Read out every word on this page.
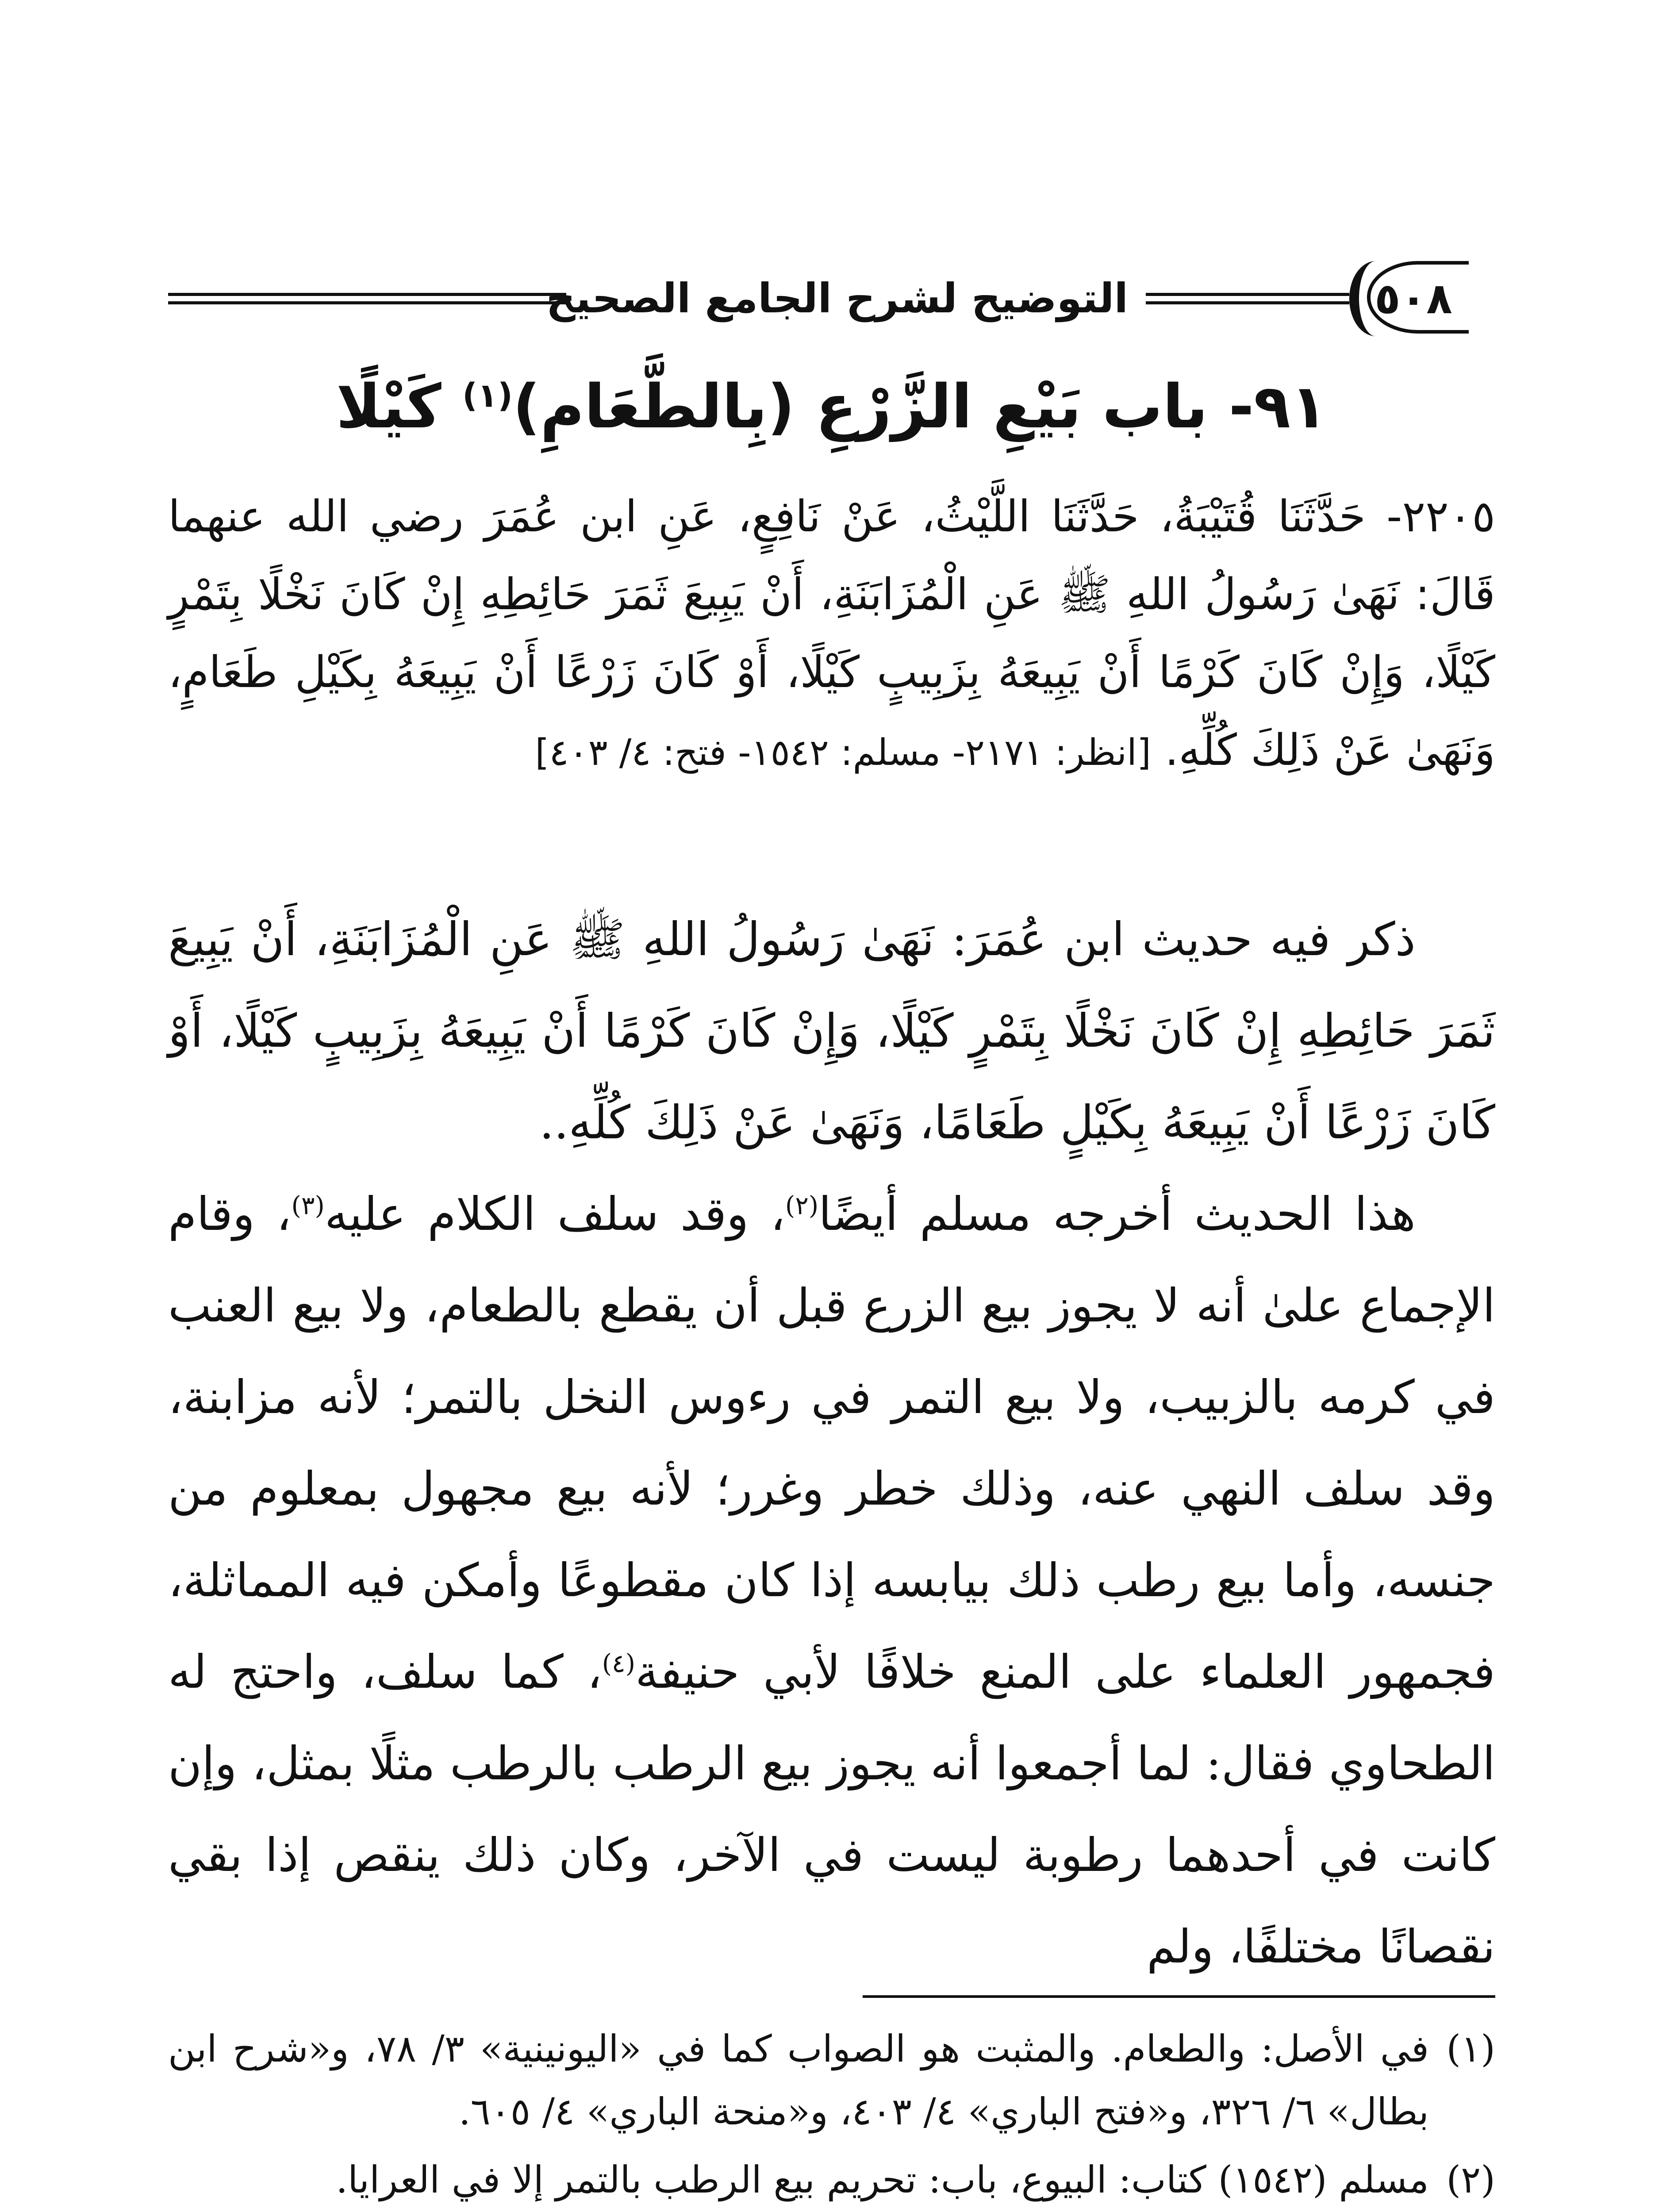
٥٠٨
التوضيح لشرح الجامع الصحيح
٩١- باب بَيْعِ الزَّرْعِ (بِالطَّعَامِ)$^{(١)}$ كَيْلًا
٢٢٠٥- حَدَّثَنَا قُتَيْبَةُ، حَدَّثَنَا اللَّيْثُ، عَنْ نَافِعٍ، عَنِ ابن عُمَرَ رضي الله عنهما قَالَ: نَهَىٰ رَسُولُ اللهِ ﷺ عَنِ الْمُزَابَنَةِ، أَنْ يَبِيعَ ثَمَرَ حَائِطِهِ إِنْ كَانَ نَخْلًا بِتَمْرٍ كَيْلًا، وَإِنْ كَانَ كَرْمًا أَنْ يَبِيعَهُ بِزَبِيبٍ كَيْلًا، أَوْ كَانَ زَرْعًا أَنْ يَبِيعَهُ بِكَيْلِ طَعَامٍ، وَنَهَىٰ عَنْ ذَلِكَ كُلِّهِ. [انظر: ٢١٧١- مسلم: ١٥٤٢- فتح: ٤/ ٤٠٣]

ذكر فيه حديث ابن عُمَرَ: نَهَىٰ رَسُولُ اللهِ ﷺ عَنِ الْمُزَابَنَةِ، أَنْ يَبِيعَ ثَمَرَ حَائِطِهِ إِنْ كَانَ نَخْلًا بِتَمْرٍ كَيْلًا، وَإِنْ كَانَ كَرْمًا أَنْ يَبِيعَهُ بِزَبِيبٍ كَيْلًا، أَوْ كَانَ زَرْعًا أَنْ يَبِيعَهُ بِكَيْلٍ طَعَامًا، وَنَهَىٰ عَنْ ذَلِكَ كُلِّهِ..

هذا الحديث أخرجه مسلم أيضًا$^{(٢)}$، وقد سلف الكلام عليه$^{(٣)}$، وقام الإجماع علىٰ أنه لا يجوز بيع الزرع قبل أن يقطع بالطعام، ولا بيع العنب في كرمه بالزبيب، ولا بيع التمر في رءوس النخل بالتمر؛ لأنه مزابنة، وقد سلف النهي عنه، وذلك خطر وغرر؛ لأنه بيع مجهول بمعلوم من جنسه، وأما بيع رطب ذلك بيابسه إذا كان مقطوعًا وأمكن فيه المماثلة، فجمهور العلماء على المنع خلافًا لأبي حنيفة$^{(٤)}$، كما سلف، واحتج له الطحاوي فقال: لما أجمعوا أنه يجوز بيع الرطب بالرطب مثلًا بمثل، وإن كانت في أحدهما رطوبة ليست في الآخر، وكان ذلك ينقص إذا بقي نقصانًا مختلفًا، ولم

(١)
في الأصل: والطعام. والمثبت هو الصواب كما في «اليونينية» ٣/ ٧٨، و«شرح ابن بطال» ٦/ ٣٢٦، و«فتح الباري» ٤/ ٤٠٣، و«منحة الباري» ٤/ ٦٠٥.
(٢)
مسلم (١٥٤٢) كتاب: البيوع، باب: تحريم بيع الرطب بالتمر إلا في العرايا.
